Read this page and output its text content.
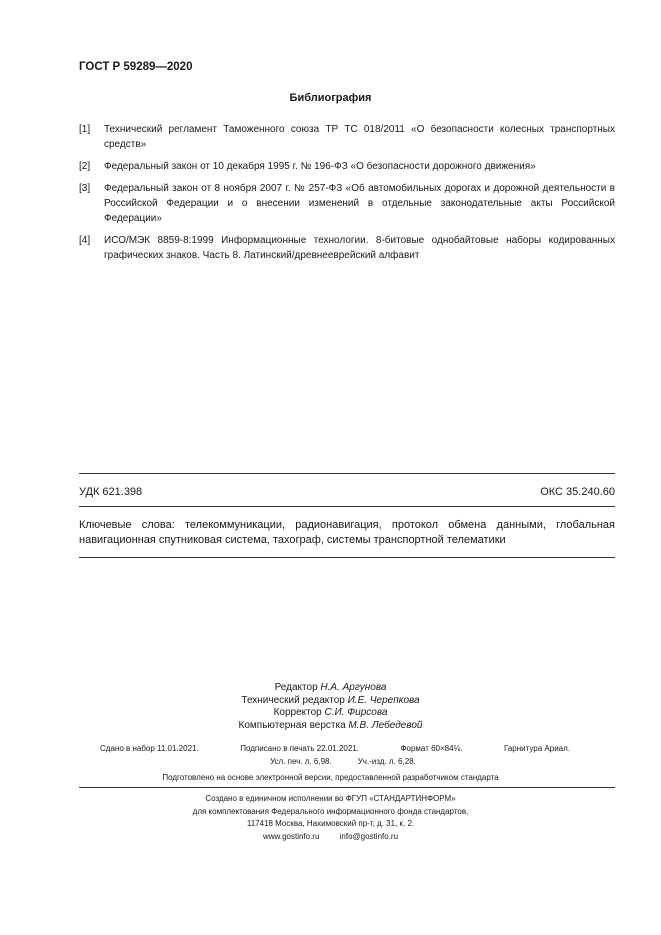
ГОСТ Р 59289—2020
Библиография
[1]	Технический регламент Таможенного союза ТР ТС 018/2011 «О безопасности колесных транспортных средств»
[2]	Федеральный закон от 10 декабря 1995 г. № 196-ФЗ «О безопасности дорожного движения»
[3]	Федеральный закон от 8 ноября 2007 г. № 257-ФЗ «Об автомобильных дорогах и дорожной деятельности в Российской Федерации и о внесении изменений в отдельные законодательные акты Российской Федерации»
[4]	ИСО/МЭК 8859-8:1999 Информационные технологии. 8-битовые однобайтовые наборы кодированных графических знаков. Часть 8. Латинский/древнееврейский алфавит
УДК 621.398	ОКС 35.240.60
Ключевые слова: телекоммуникации, радионавигация, протокол обмена данными, глобальная навигационная спутниковая система, тахограф, системы транспортной телематики
Редактор Н.А. Аргунова
Технический редактор И.Е. Черепкова
Корректор С.И. Фирсова
Компьютерная верстка М.В. Лебедевой
Сдано в набор 11.01.2021.	Подписано в печать 22.01.2021.	Формат 60×84⅛.	Гарнитура Ариал.
Усл. печ. л. 6,98.	Уч.-изд. л. 6,28.
Подготовлено на основе электронной версии, предоставленной разработчиком стандарта
Создано в единичном исполнении во ФГУП «СТАНДАРТИНФОРМ»
для комплектования Федерального информационного фонда стандартов,
117418 Москва, Нахимовский пр-т, д. 31, к. 2.
www.gostinfo.ru	info@gostinfo.ru
